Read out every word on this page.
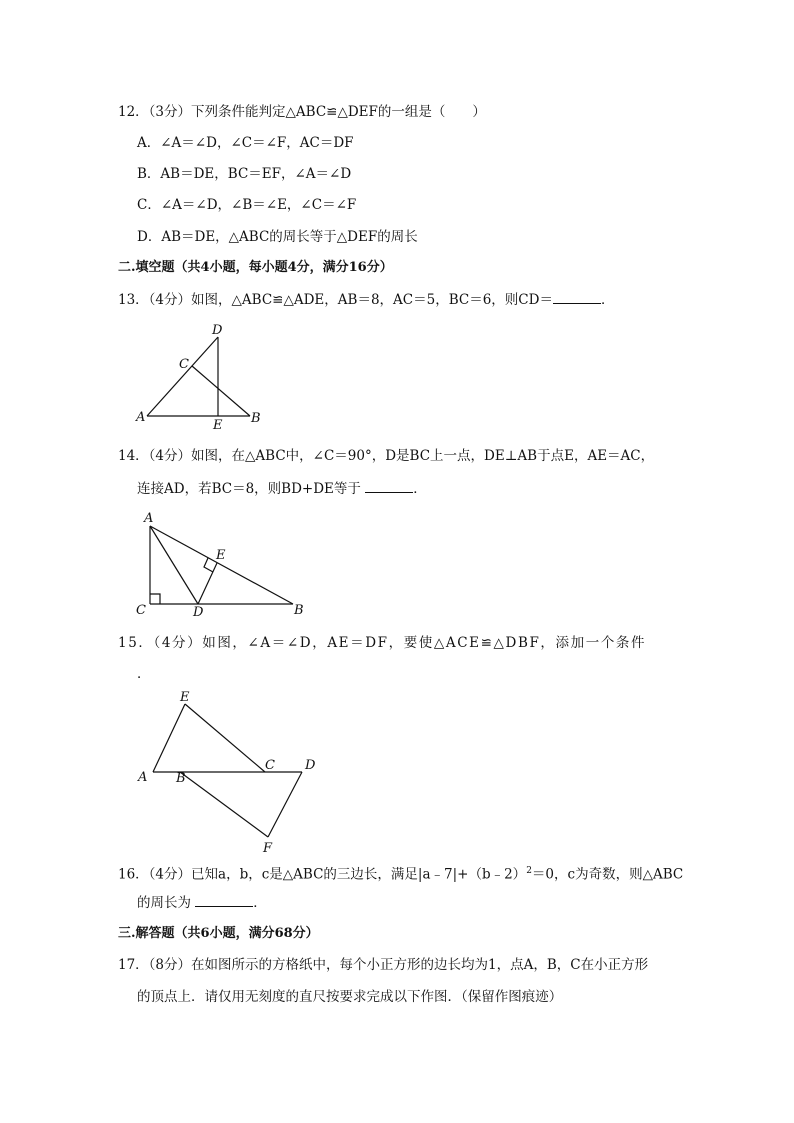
12．（3分）下列条件能判定△ABC≌△DEF的一组是（　　）
A．∠A＝∠D，∠C＝∠F，AC＝DF
B．AB＝DE，BC＝EF，∠A＝∠D
C．∠A＝∠D，∠B＝∠E，∠C＝∠F
D．AB＝DE，△ABC的周长等于△DEF的周长
二.填空题（共4小题，每小题4分，满分16分）
13．（4分）如图，△ABC≌△ADE，AB＝8，AC＝5，BC＝6，则CD＝	．
D
C
A	B
E
14．（4分）如图，在△ABC中，∠C＝90°，D是BC上一点，DE⊥AB于点E，AE＝AC，
连接AD，若BC＝8，则BD+DE等于	．
A
E
C	D	B
15．（4分）如图，∠A＝∠D，AE＝DF，要使△ACE≌△DBF，添加一个条件
．
E
A B
C D
F
16．（4分）已知a，b，c是△ABC的三边长，满足|a﹣7|+（b﹣2）$^2$＝0，c为奇数，则△ABC
的周长为	．
三.解答题（共6小题，满分68分）
17．（8分）在如图所示的方格纸中，每个小正方形的边长均为1，点A，B，C在小正方形
的顶点上．请仅用无刻度的直尺按要求完成以下作图．（保留作图痕迹）
